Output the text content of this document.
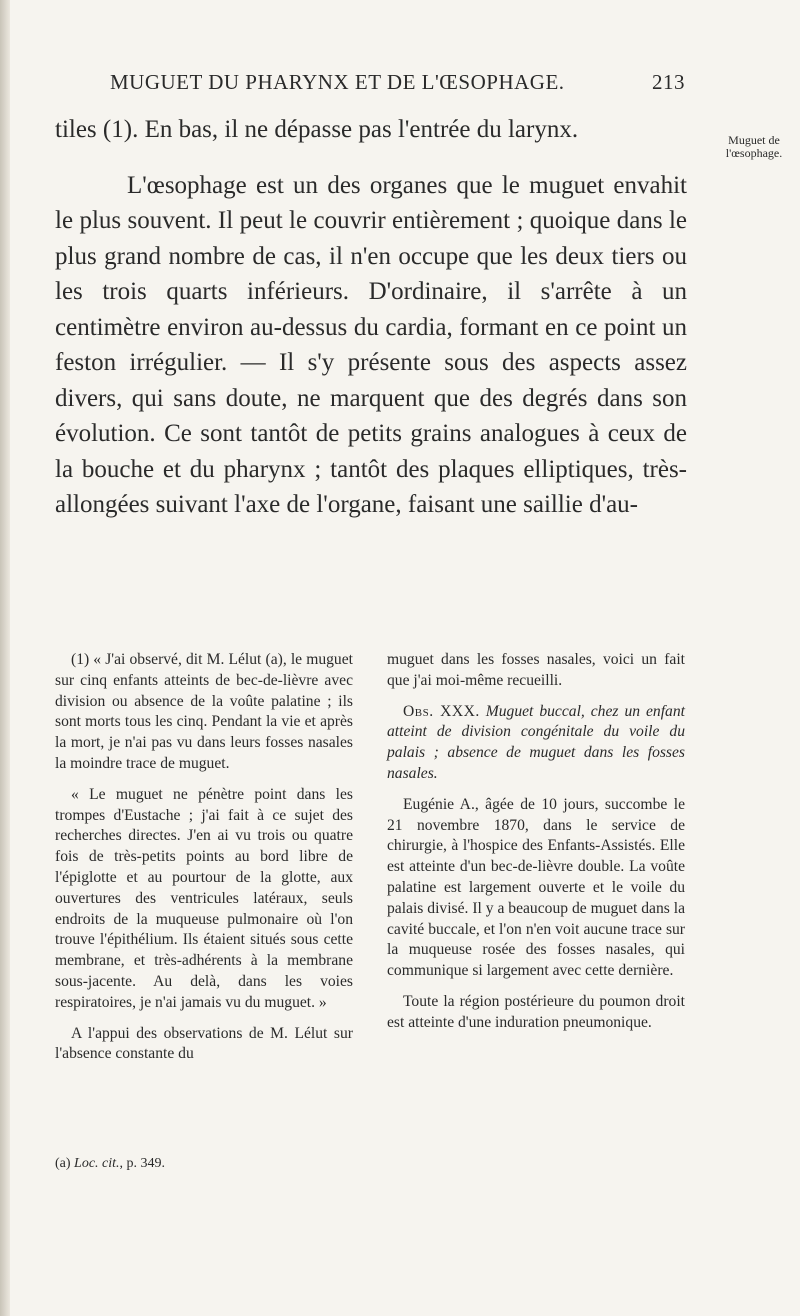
MUGUET DU PHARYNX ET DE L'ŒSOPHAGE.	213

tiles (1). En bas, il ne dépasse pas l'entrée du larynx.

L'œsophage est un des organes que le muguet envahit le plus souvent. Il peut le couvrir entièrement ; quoique dans le plus grand nombre de cas, il n'en occupe que les deux tiers ou les trois quarts inférieurs. D'ordinaire, il s'arrête à un centimètre environ au-dessus du cardia, formant en ce point un feston irrégulier. — Il s'y présente sous des aspects assez divers, qui sans doute, ne marquent que des degrés dans son évolution. Ce sont tantôt de petits grains analogues à ceux de la bouche et du pharynx ; tantôt des plaques elliptiques, très-allongées suivant l'axe de l'organe, faisant une saillie d'au-

Muguet de l'œsophage.

(1) « J'ai observé, dit M. Lélut (a), le muguet sur cinq enfants atteints de bec-de-lièvre avec division ou absence de la voûte palatine ; ils sont morts tous les cinq. Pendant la vie et après la mort, je n'ai pas vu dans leurs fosses nasales la moindre trace de muguet.

« Le muguet ne pénètre point dans les trompes d'Eustache ; j'ai fait à ce sujet des recherches directes. J'en ai vu trois ou quatre fois de très-petits points au bord libre de l'épiglotte et au pourtour de la glotte, aux ouvertures des ventricules latéraux, seuls endroits de la muqueuse pulmonaire où l'on trouve l'épithélium. Ils étaient situés sous cette membrane, et très-adhérents à la membrane sous-jacente. Au delà, dans les voies respiratoires, je n'ai jamais vu du muguet. »

A l'appui des observations de M. Lélut sur l'absence constante du

muguet dans les fosses nasales, voici un fait que j'ai moi-même recueilli.

Obs. XXX. Muguet buccal, chez un enfant atteint de division congénitale du voile du palais ; absence de muguet dans les fosses nasales.

Eugénie A., âgée de 10 jours, succombe le 21 novembre 1870, dans le service de chirurgie, à l'hospice des Enfants-Assistés. Elle est atteinte d'un bec-de-lièvre double. La voûte palatine est largement ouverte et le voile du palais divisé. Il y a beaucoup de muguet dans la cavité buccale, et l'on n'en voit aucune trace sur la muqueuse rosée des fosses nasales, qui communique si largement avec cette dernière.

Toute la région postérieure du poumon droit est atteinte d'une induration pneumonique.

(a) Loc. cit., p. 349.
